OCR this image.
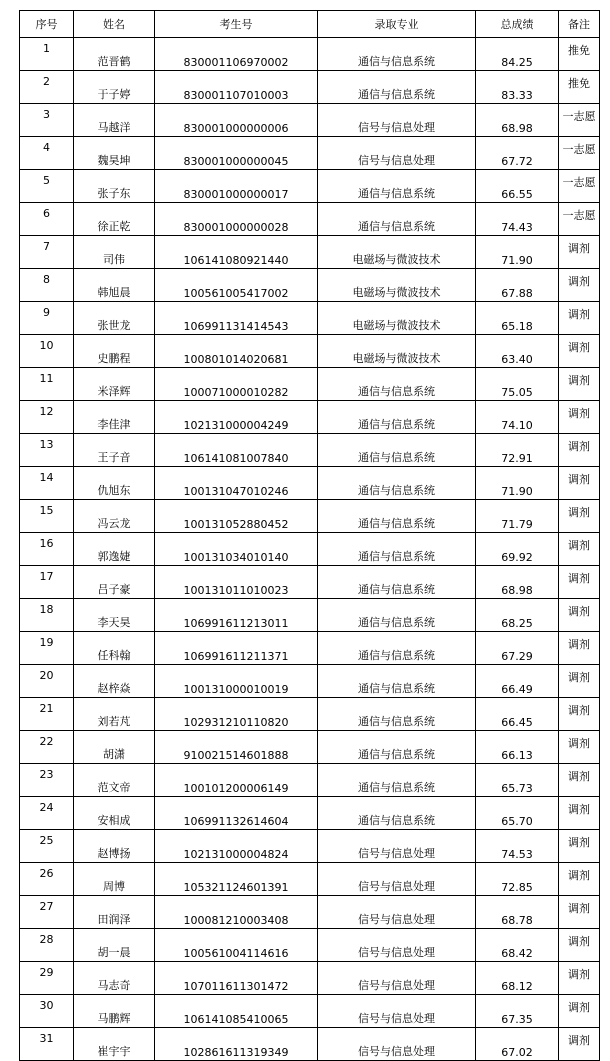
序号	姓名	考生号	录取专业	总成绩	备注
1	范晋鹤	830001106970002	通信与信息系统	84.25	推免
2	于子婷	830001107010003	通信与信息系统	83.33	推免
3	马越洋	830001000000006	信号与信息处理	68.98	一志愿
4	魏昊坤	830001000000045	信号与信息处理	67.72	一志愿
5	张子东	830001000000017	通信与信息系统	66.55	一志愿
6	徐正乾	830001000000028	通信与信息系统	74.43	一志愿
7	司伟	106141080921440	电磁场与微波技术	71.90	调剂
8	韩旭晨	100561005417002	电磁场与微波技术	67.88	调剂
9	张世龙	106991131414543	电磁场与微波技术	65.18	调剂
10	史鹏程	100801014020681	电磁场与微波技术	63.40	调剂
11	米泽辉	100071000010282	通信与信息系统	75.05	调剂
12	李佳津	102131000004249	通信与信息系统	74.10	调剂
13	王子音	106141081007840	通信与信息系统	72.91	调剂
14	仇旭东	100131047010246	通信与信息系统	71.90	调剂
15	冯云龙	100131052880452	通信与信息系统	71.79	调剂
16	郭逸婕	100131034010140	通信与信息系统	69.92	调剂
17	吕子豪	100131011010023	通信与信息系统	68.98	调剂
18	李天昊	106991611213011	通信与信息系统	68.25	调剂
19	任科翰	106991611211371	通信与信息系统	67.29	调剂
20	赵梓焱	100131000010019	通信与信息系统	66.49	调剂
21	刘若芃	102931210110820	通信与信息系统	66.45	调剂
22	胡潇	910021514601888	通信与信息系统	66.13	调剂
23	范文帝	100101200006149	通信与信息系统	65.73	调剂
24	安相成	106991132614604	通信与信息系统	65.70	调剂
25	赵博扬	102131000004824	信号与信息处理	74.53	调剂
26	周博	105321124601391	信号与信息处理	72.85	调剂
27	田润泽	100081210003408	信号与信息处理	68.78	调剂
28	胡一晨	100561004114616	信号与信息处理	68.42	调剂
29	马志奇	107011611301472	信号与信息处理	68.12	调剂
30	马鹏辉	106141085410065	信号与信息处理	67.35	调剂
31	崔宇宇	102861611319349	信号与信息处理	67.02	调剂
